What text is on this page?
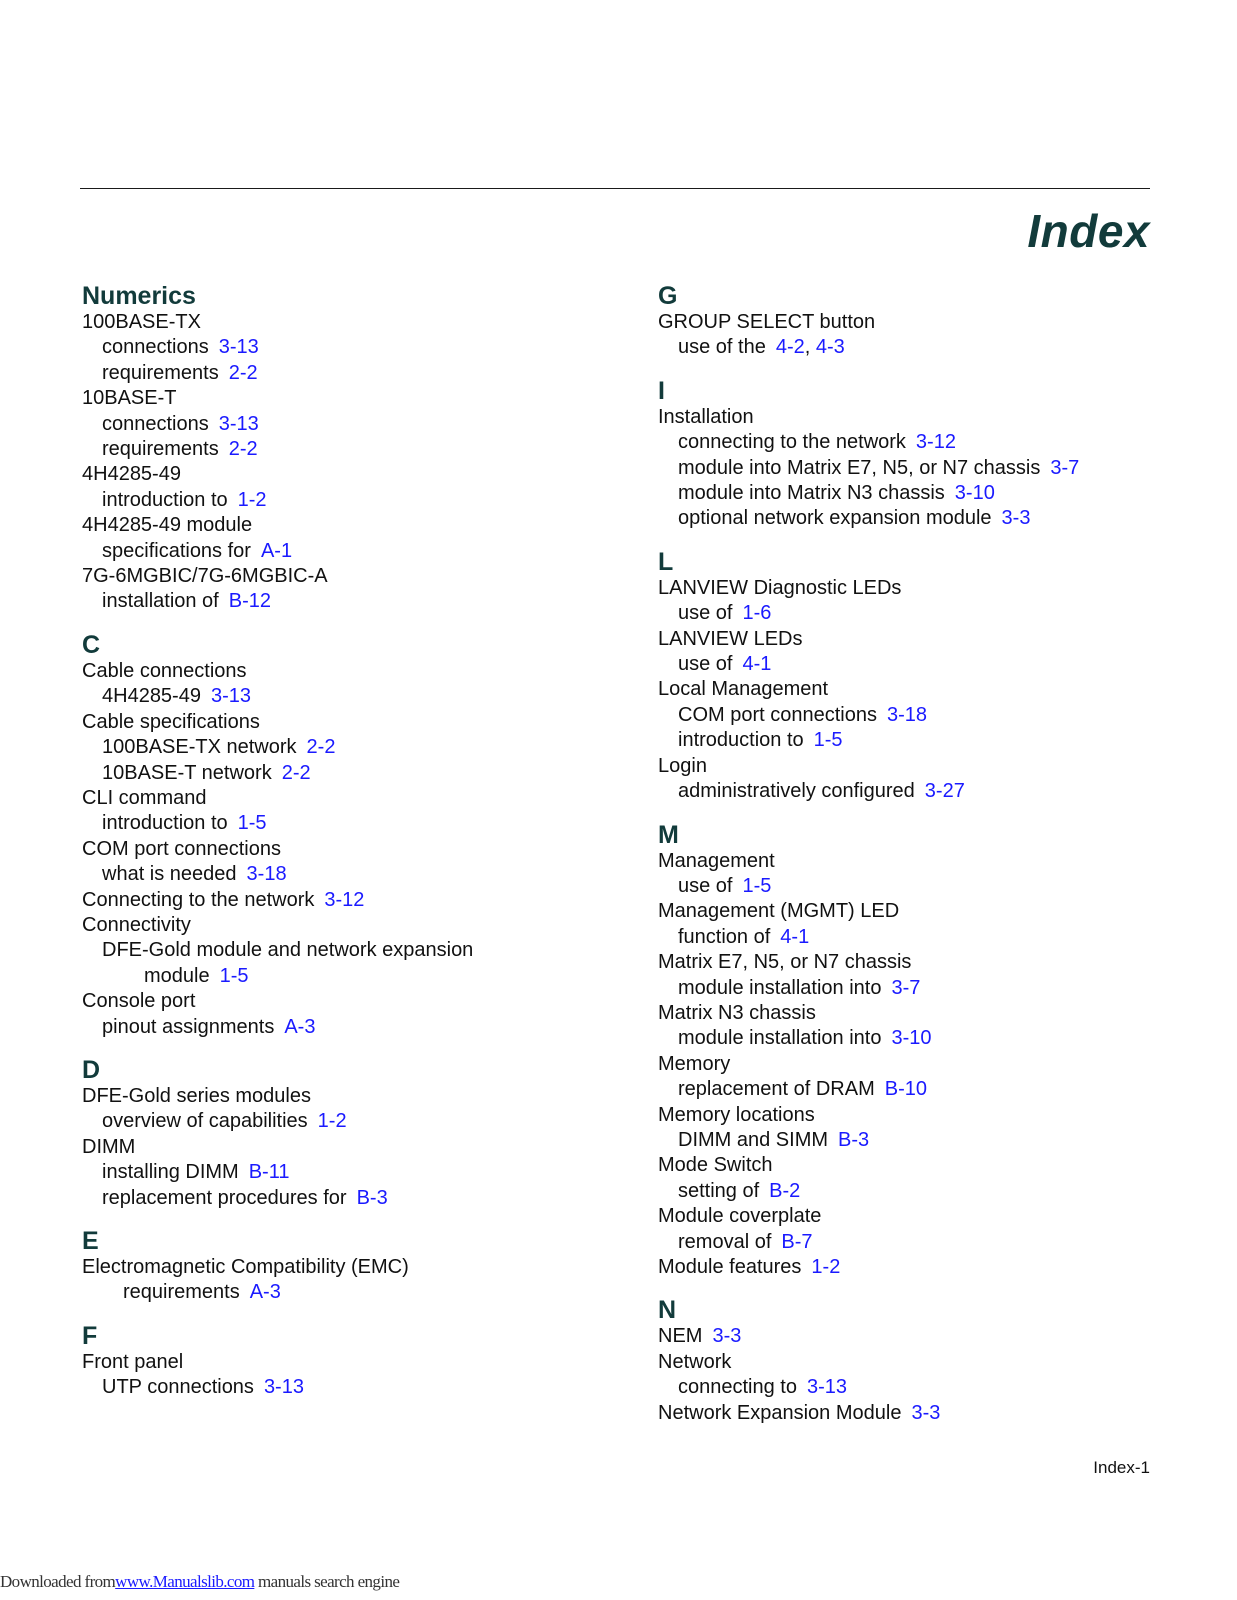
Index
Numerics
100BASE-TX
connections 3-13
requirements 2-2
10BASE-T
connections 3-13
requirements 2-2
4H4285-49
introduction to 1-2
4H4285-49 module
specifications for A-1
7G-6MGBIC/7G-6MGBIC-A
installation of B-12
C
Cable connections
4H4285-49 3-13
Cable specifications
100BASE-TX network 2-2
10BASE-T network 2-2
CLI command
introduction to 1-5
COM port connections
what is needed 3-18
Connecting to the network 3-12
Connectivity
DFE-Gold module and network expansion
module 1-5
Console port
pinout assignments A-3
D
DFE-Gold series modules
overview of capabilities 1-2
DIMM
installing DIMM B-11
replacement procedures for B-3
E
Electromagnetic Compatibility (EMC)
requirements A-3
F
Front panel
UTP connections 3-13
G
GROUP SELECT button
use of the 4-2, 4-3
I
Installation
connecting to the network 3-12
module into Matrix E7, N5, or N7 chassis 3-7
module into Matrix N3 chassis 3-10
optional network expansion module 3-3
L
LANVIEW Diagnostic LEDs
use of 1-6
LANVIEW LEDs
use of 4-1
Local Management
COM port connections 3-18
introduction to 1-5
Login
administratively configured 3-27
M
Management
use of 1-5
Management (MGMT) LED
function of 4-1
Matrix E7, N5, or N7 chassis
module installation into 3-7
Matrix N3 chassis
module installation into 3-10
Memory
replacement of DRAM B-10
Memory locations
DIMM and SIMM B-3
Mode Switch
setting of B-2
Module coverplate
removal of B-7
Module features 1-2
N
NEM 3-3
Network
connecting to 3-13
Network Expansion Module 3-3
Index-1
Downloaded fromwww.Manualslib.com manuals search engine
